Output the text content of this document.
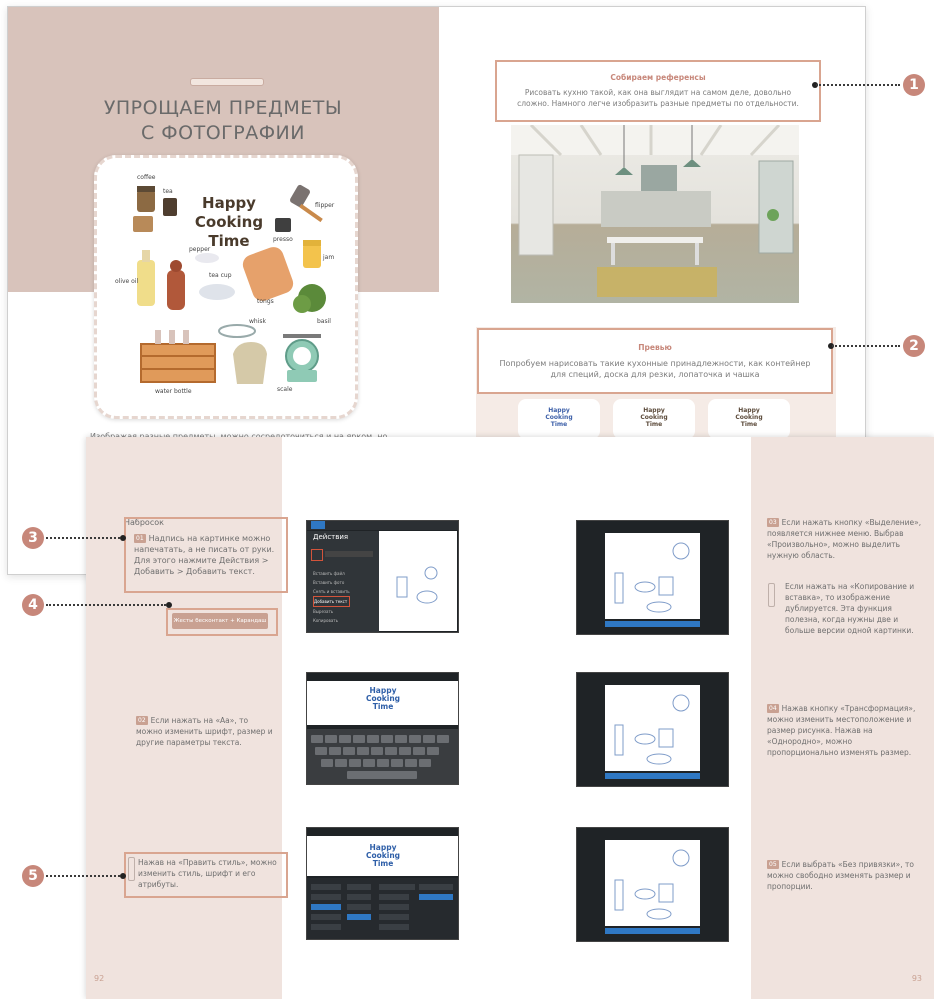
УПРОЩАЕМ ПРЕДМЕТЫ
С ФОТОГРАФИИ
Happy
Cooking
Time
coffee
tea
flipper
presso
pepper
tea cup
jam
olive oil
whisk
tongs
basil
water bottle	scale
Собираем референсы
Рисовать кухню такой, как она выглядит на самом деле, довольно сложно. Намного легче изобразить разные предметы по отдельности.
Превью
Попробуем нарисовать такие кухонные принадлежности, как контейнер для специй, доска для резки, лопаточка и чашка
Happy
Cooking
Time
Happy
Cooking
Time
Happy
Cooking
Time
Набросок
01 Надпись на картинке можно напечатать, а не писать от руки. Для этого нажмите Действия > Добавить > Добавить текст.
Жесты бесконтакт + Карандаш
02 Если нажать на «Аа», то можно изменить шрифт, размер и другие параметры текста.
Нажав на «Править стиль», можно изменить стиль, шрифт и его атрибуты.
92	93
Действия
Вставить файл
Вставить фото
Снять и вставить
Добавить текст
Вырезать
Копировать
Happy
Cooking
Time
Happy
Cooking
Time
03 Если нажать кнопку «Выделение», появляется нижнее меню. Выбрав «Произвольно», можно выделить нужную область.
Если нажать на «Копирование и вставка», то изображение дублируется. Эта функция полезна, когда нужны две и больше версии одной картинки.
04 Нажав кнопку «Трансформация», можно изменить местоположение и размер рисунка. Нажав на «Однородно», можно пропорционально изменять размер.
05 Если выбрать «Без привязки», то можно свободно изменять размер и пропорции.
1
2
3
4
5
